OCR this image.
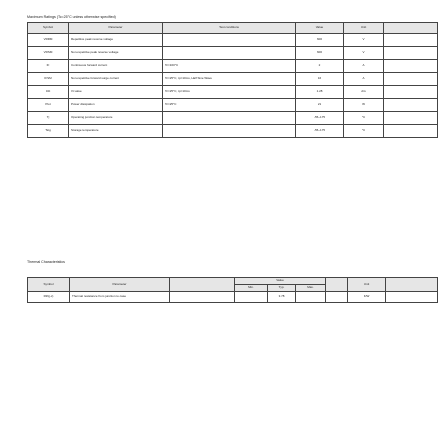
Maximum Ratings (Tc=25°C unless otherwise specified)
Symbol	Parameter	Test conditions	Value	Unit	
VRRM	Repetitive peak reverse voltage		600	V	
VRSM	Non-repetitive peak reverse voltage		600	V	
IF	Continuous forward current	Tc=160°C	2	A	
IFSM	Non-repetitive forward surge current	Tc=25°C, tp=10ms, Half Sine Wave	16	A	
I²dt	I²t value	Tc=25°C, tp=10ms	1.28	A²s	
Ptot	Power dissipation	Tc=25°C	21	W	
Tj	Operating junction temperature		-55~175	°C	
Tstg	Storage temperature		-55~175	°C	
Thermal Characteristics
Symbol	Parameter		Value				Unit	
			Min.	Typ.	Max.			
Rth(j-c)	Thermal resistance from junction to case			3.78			K/W	
